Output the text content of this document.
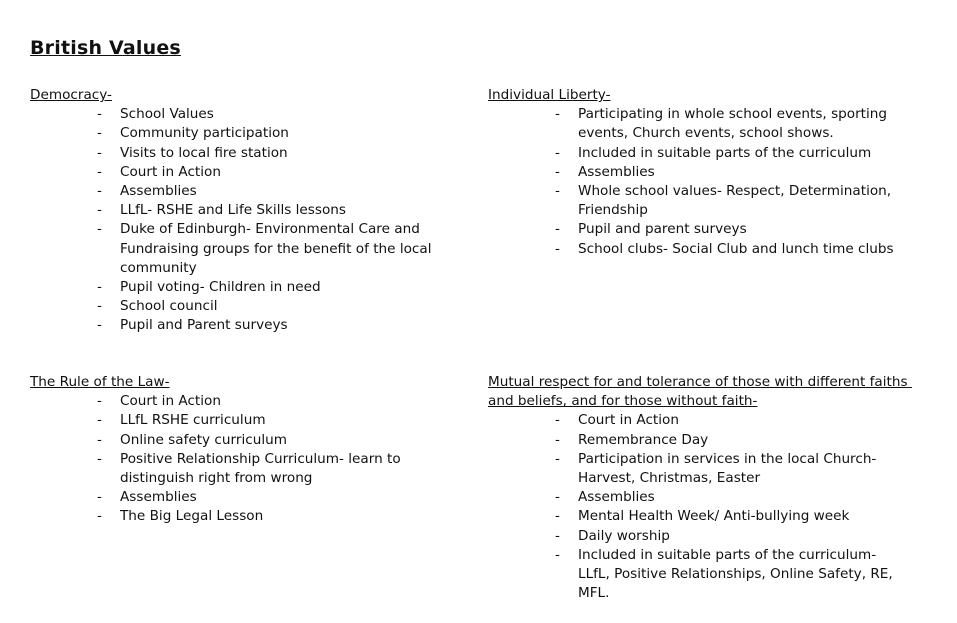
British Values

Democracy-

- School Values
- Community participation
- Visits to local fire station
- Court in Action
- Assemblies
- LLfL- RSHE and Life Skills lessons
- Duke of Edinburgh- Environmental Care and Fundraising groups for the benefit of the local community
- Pupil voting- Children in need
- School council
- Pupil and Parent surveys

Individual Liberty-

- Participating in whole school events, sporting events, Church events, school shows.
- Included in suitable parts of the curriculum
- Assemblies
- Whole school values- Respect, Determination, Friendship
- Pupil and parent surveys
- School clubs- Social Club and lunch time clubs

The Rule of the Law-

- Court in Action
- LLfL RSHE curriculum
- Online safety curriculum
- Positive Relationship Curriculum- learn to distinguish right from wrong
- Assemblies
- The Big Legal Lesson

Mutual respect for and tolerance of those with different faiths and beliefs, and for those without faith-

- Court in Action
- Remembrance Day
- Participation in services in the local Church- Harvest, Christmas, Easter
- Assemblies
- Mental Health Week/ Anti-bullying week
- Daily worship
- Included in suitable parts of the curriculum- LLfL, Positive Relationships, Online Safety, RE, MFL.
